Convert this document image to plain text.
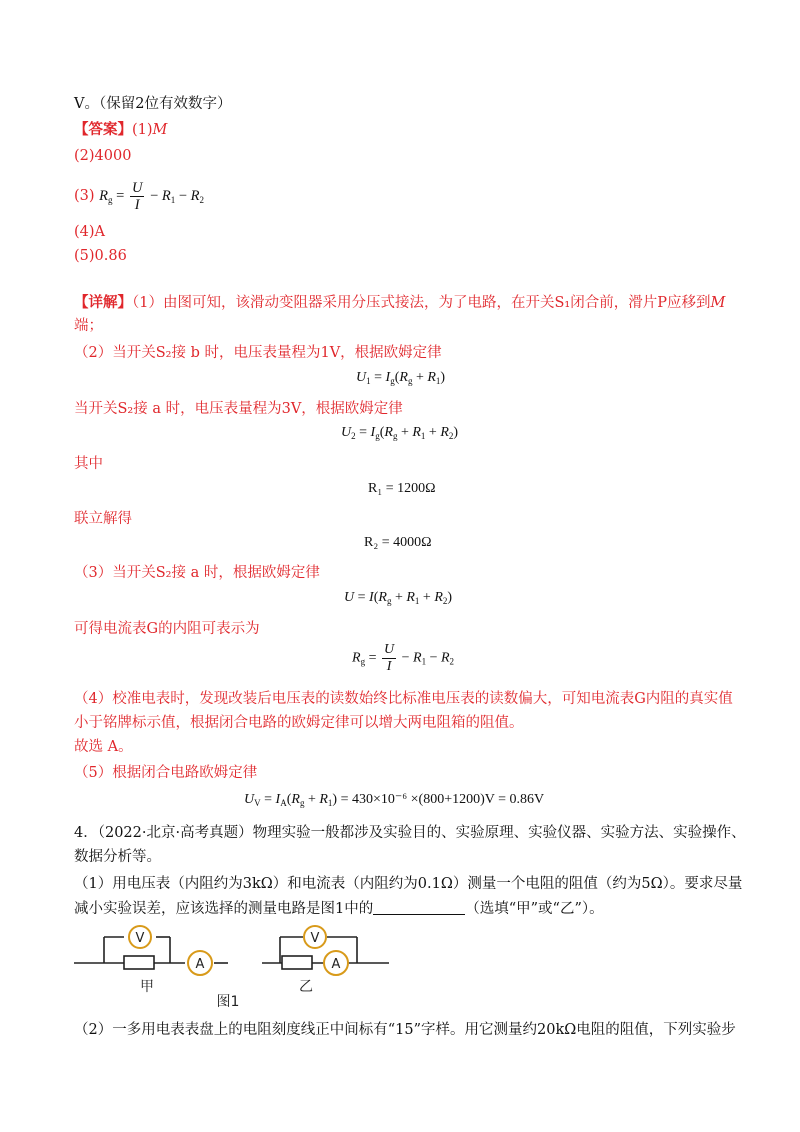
V。（保留2位有效数字）
【答案】(1)M
(2)4000
(3) $R_g = \frac{U}{I} - R_1 - R_2$
(4)A
(5)0.86
【详解】（1）由图可知，该滑动变阻器采用分压式接法，为了电路，在开关S₁闭合前，滑片P应移到M
端；
（2）当开关S₂接 b 时，电压表量程为1V，根据欧姆定律
$U_1 = I_g(R_g + R_1)$
当开关S₂接 a 时，电压表量程为3V，根据欧姆定律
$U_2 = I_g(R_g + R_1 + R_2)$
其中
R₁ = 1200Ω
联立解得
R₂ = 4000Ω
（3）当开关S₂接 a 时，根据欧姆定律
$U = I(R_g + R_1 + R_2)$
可得电流表G的内阻可表示为
$R_g = \frac{U}{I} - R_1 - R_2$
（4）校准电表时，发现改装后电压表的读数始终比标准电压表的读数偏大，可知电流表G内阻的真实值
小于铭牌标示值，根据闭合电路的欧姆定律可以增大两电阻箱的阻值。
故选 A。
（5）根据闭合电路欧姆定律
$U_V = I_A(R_g + R_1) = 430\times 10^{-6} \times(800+1200)V = 0.86V$
4．（2022·北京·高考真题）物理实验一般都涉及实验目的、实验原理、实验仪器、实验方法、实验操作、
数据分析等。
（1）用电压表（内阻约为3kΩ）和电流表（内阻约为0.1Ω）测量一个电阻的阻值（约为5Ω）。要求尽量
减小实验误差，应该选择的测量电路是图1中的	（选填“甲”或“乙”）。
V
A
甲
V
A
乙
图1
（2）一多用电表表盘上的电阻刻度线正中间标有“15”字样。用它测量约20kΩ电阻的阻值，下列实验步
